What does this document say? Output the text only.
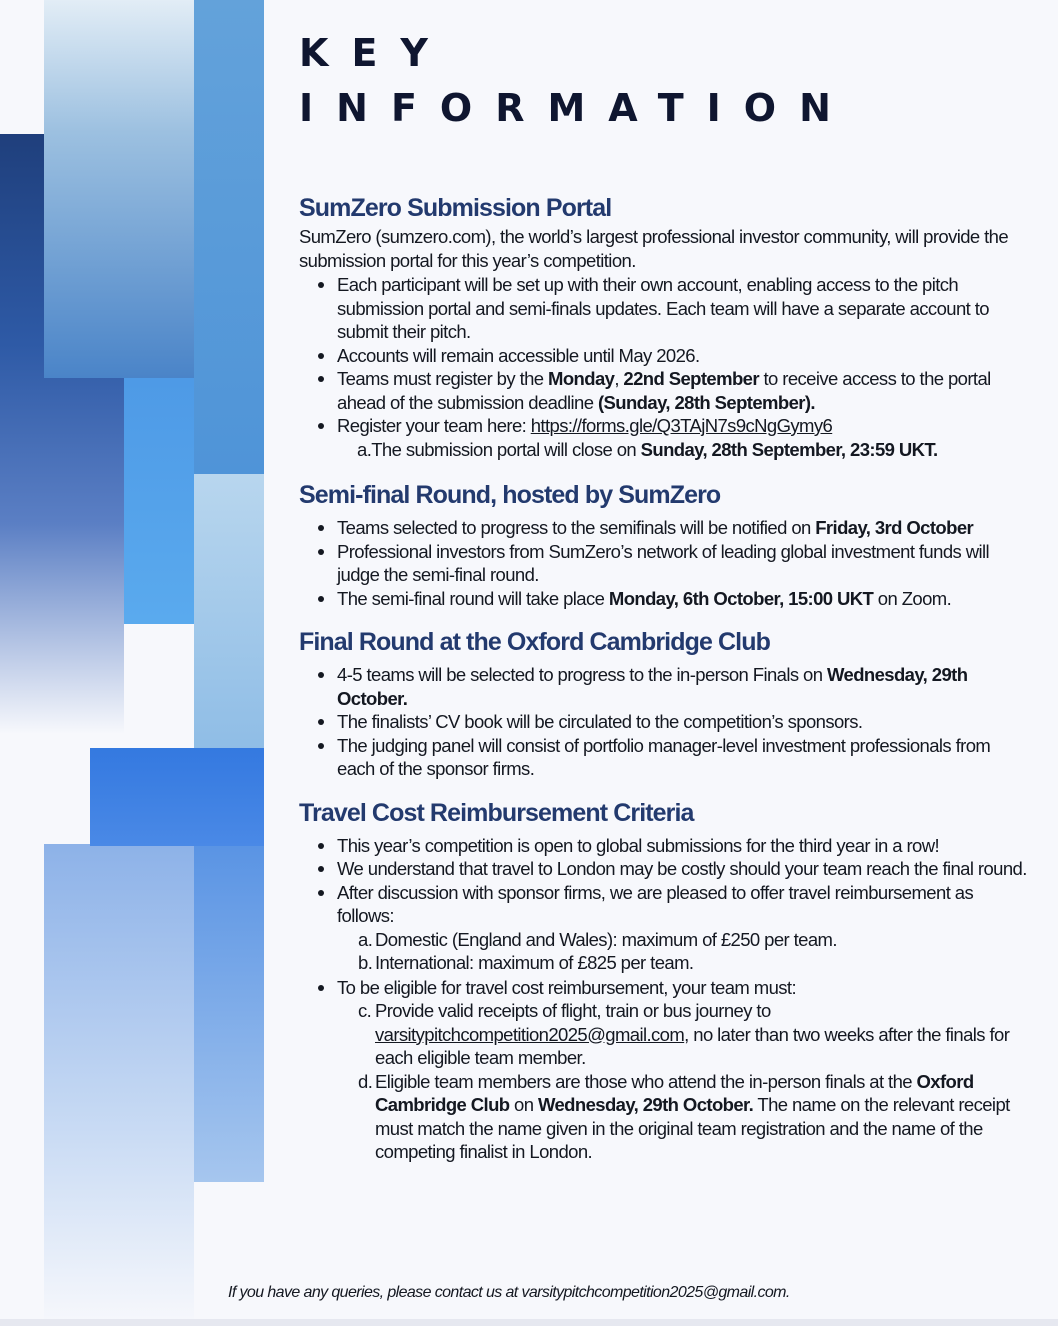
KEY
INFORMATION
SumZero Submission Portal

SumZero (sumzero.com), the world’s largest professional investor community, will provide the submission portal for this year’s competition.

Each participant will be set up with their own account, enabling access to the pitch submission portal and semi-finals updates. Each team will have a separate account to submit their pitch.
Accounts will remain accessible until May 2026.
Teams must register by the Monday, 22nd September to receive access to the portal ahead of the submission deadline (Sunday, 28th September).
Register your team here: https://forms.gle/Q3TAjN7s9cNgGymy6
a.The submission portal will close on Sunday, 28th September, 23:59 UKT.
Semi-final Round, hosted by SumZero
Teams selected to progress to the semifinals will be notified on Friday, 3rd October
Professional investors from SumZero’s network of leading global investment funds will judge the semi-final round.
The semi-final round will take place Monday, 6th October, 15:00 UKT on Zoom.
Final Round at the Oxford Cambridge Club
4-5 teams will be selected to progress to the in-person Finals on Wednesday, 29th October.
The finalists’ CV book will be circulated to the competition’s sponsors.
The judging panel will consist of portfolio manager-level investment professionals from each of the sponsor firms.
Travel Cost Reimbursement Criteria
This year’s competition is open to global submissions for the third year in a row!
We understand that travel to London may be costly should your team reach the final round.
After discussion with sponsor firms, we are pleased to offer travel reimbursement as follows:
a. Domestic (England and Wales): maximum of £250 per team.
b. International: maximum of £825 per team.
To be eligible for travel cost reimbursement, your team must:
c. Provide valid receipts of flight, train or bus journey to varsitypitchcompetition2025@gmail.com, no later than two weeks after the finals for each eligible team member.
d. Eligible team members are those who attend the in-person finals at the Oxford Cambridge Club on Wednesday, 29th October. The name on the relevant receipt must match the name given in the original team registration and the name of the competing finalist in London.
If you have any queries, please contact us at varsitypitchcompetition2025@gmail.com.
